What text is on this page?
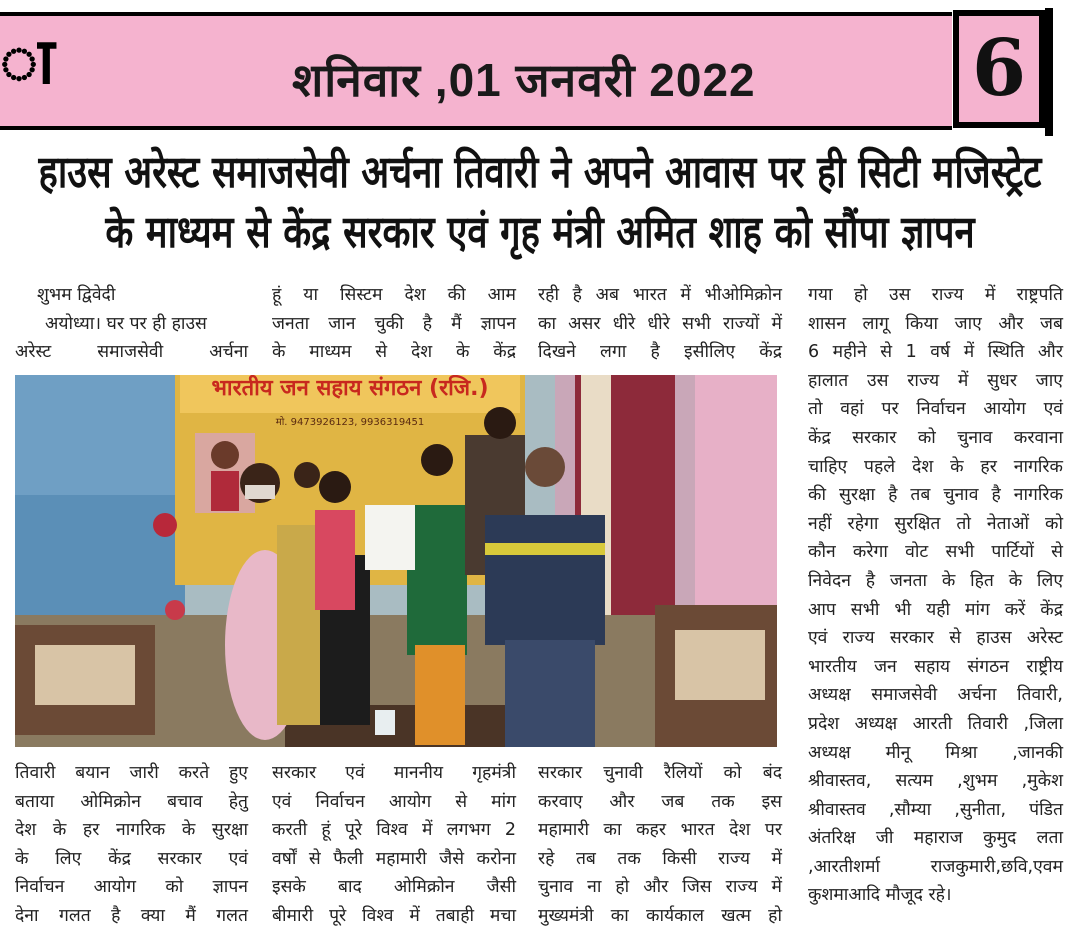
ा	शनिवार ,01 जनवरी 2022	6
हाउस अरेस्ट समाजसेवी अर्चना तिवारी ने अपने आवास पर ही सिटी मजिस्ट्रेट
के माध्यम से केंद्र सरकार एवं गृह मंत्री अमित शाह को सौंपा ज्ञापन
शुभम द्विवेदी
अयोध्या। घर पर ही हाउस
अरेस्ट समाजसेवी अर्चना
हूं या सिस्टम देश की आम
जनता जान चुकी है मैं ज्ञापन
के माध्यम से देश के केंद्र
रही है अब भारत में भीओमिक्रोन
का असर धीरे धीरे सभी राज्यों में
दिखने लगा है इसीलिए केंद्र
गया हो उस राज्य में राष्ट्रपति
शासन लागू किया जाए और जब
6 महीने से 1 वर्ष में स्थिति और
हालात उस राज्य में सुधर जाए
तो वहां पर निर्वाचन आयोग एवं
केंद्र सरकार को चुनाव करवाना
चाहिए पहले देश के हर नागरिक
की सुरक्षा है तब चुनाव है नागरिक
नहीं रहेगा सुरक्षित तो नेताओं को
कौन करेगा वोट सभी पार्टियों से
निवेदन है जनता के हित के लिए
आप सभी भी यही मांग करें केंद्र
एवं राज्य सरकार से हाउस अरेस्ट
भारतीय जन सहाय संगठन राष्ट्रीय
अध्यक्ष समाजसेवी अर्चना तिवारी,
प्रदेश अध्यक्ष आरती तिवारी ,जिला
अध्यक्ष मीनू मिश्रा ,जानकी
श्रीवास्तव, सत्यम ,शुभम ,मुकेश
श्रीवास्तव ,सौम्या ,सुनीता, पंडित
अंतरिक्ष जी महाराज कुमुद लता
,आरतीशर्मा राजकुमारी,छवि,एवम
कुशमाआदि मौजूद रहे।
भारतीय जन सहाय संगठन (रजि.)
मो. 9473926123, 9936319451
तिवारी बयान जारी करते हुए
बताया ओमिक्रोन बचाव हेतु
देश के हर नागरिक के सुरक्षा
के लिए केंद्र सरकार एवं
निर्वाचन आयोग को ज्ञापन
देना गलत है क्या मैं गलत
सरकार एवं माननीय गृहमंत्री
एवं निर्वाचन आयोग से मांग
करती हूं पूरे विश्व में लगभग 2
वर्षों से फैली महामारी जैसे करोना
इसके बाद ओमिक्रोन जैसी
बीमारी पूरे विश्व में तबाही मचा
सरकार चुनावी रैलियों को बंद
करवाए और जब तक इस
महामारी का कहर भारत देश पर
रहे तब तक किसी राज्य में
चुनाव ना हो और जिस राज्य में
मुख्यमंत्री का कार्यकाल खत्म हो
